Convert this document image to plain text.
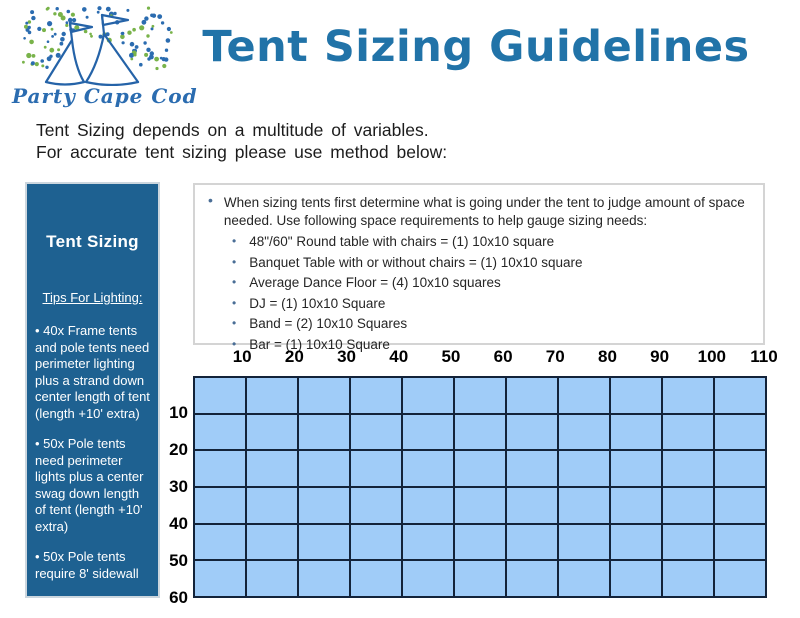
Party Cape Cod
Tent Sizing Guidelines
Tent Sizing depends on a multitude of variables.
For accurate tent sizing please use method below:
Tent Sizing
Tips For Lighting:
• 40x Frame tents and pole tents need perimeter lighting plus a strand down center length of tent (length +10' extra)
• 50x Pole tents need perimeter lights plus a center swag down length of tent (length +10' extra)
• 50x Pole tents require 8' sidewall
• When sizing tents first determine what is going under the tent to judge amount of space needed. Use following space requirements to help gauge sizing needs:
• 48"/60" Round table with chairs = (1) 10x10 square
• Banquet Table with or without chairs = (1) 10x10 square
• Average Dance Floor = (4) 10x10 squares
• DJ = (1) 10x10 Square
• Band = (2) 10x10 Squares
• Bar = (1) 10x10 Square
10	20	30	40	50	60	70	80	90	100	110
10
20
30
40
50
60
